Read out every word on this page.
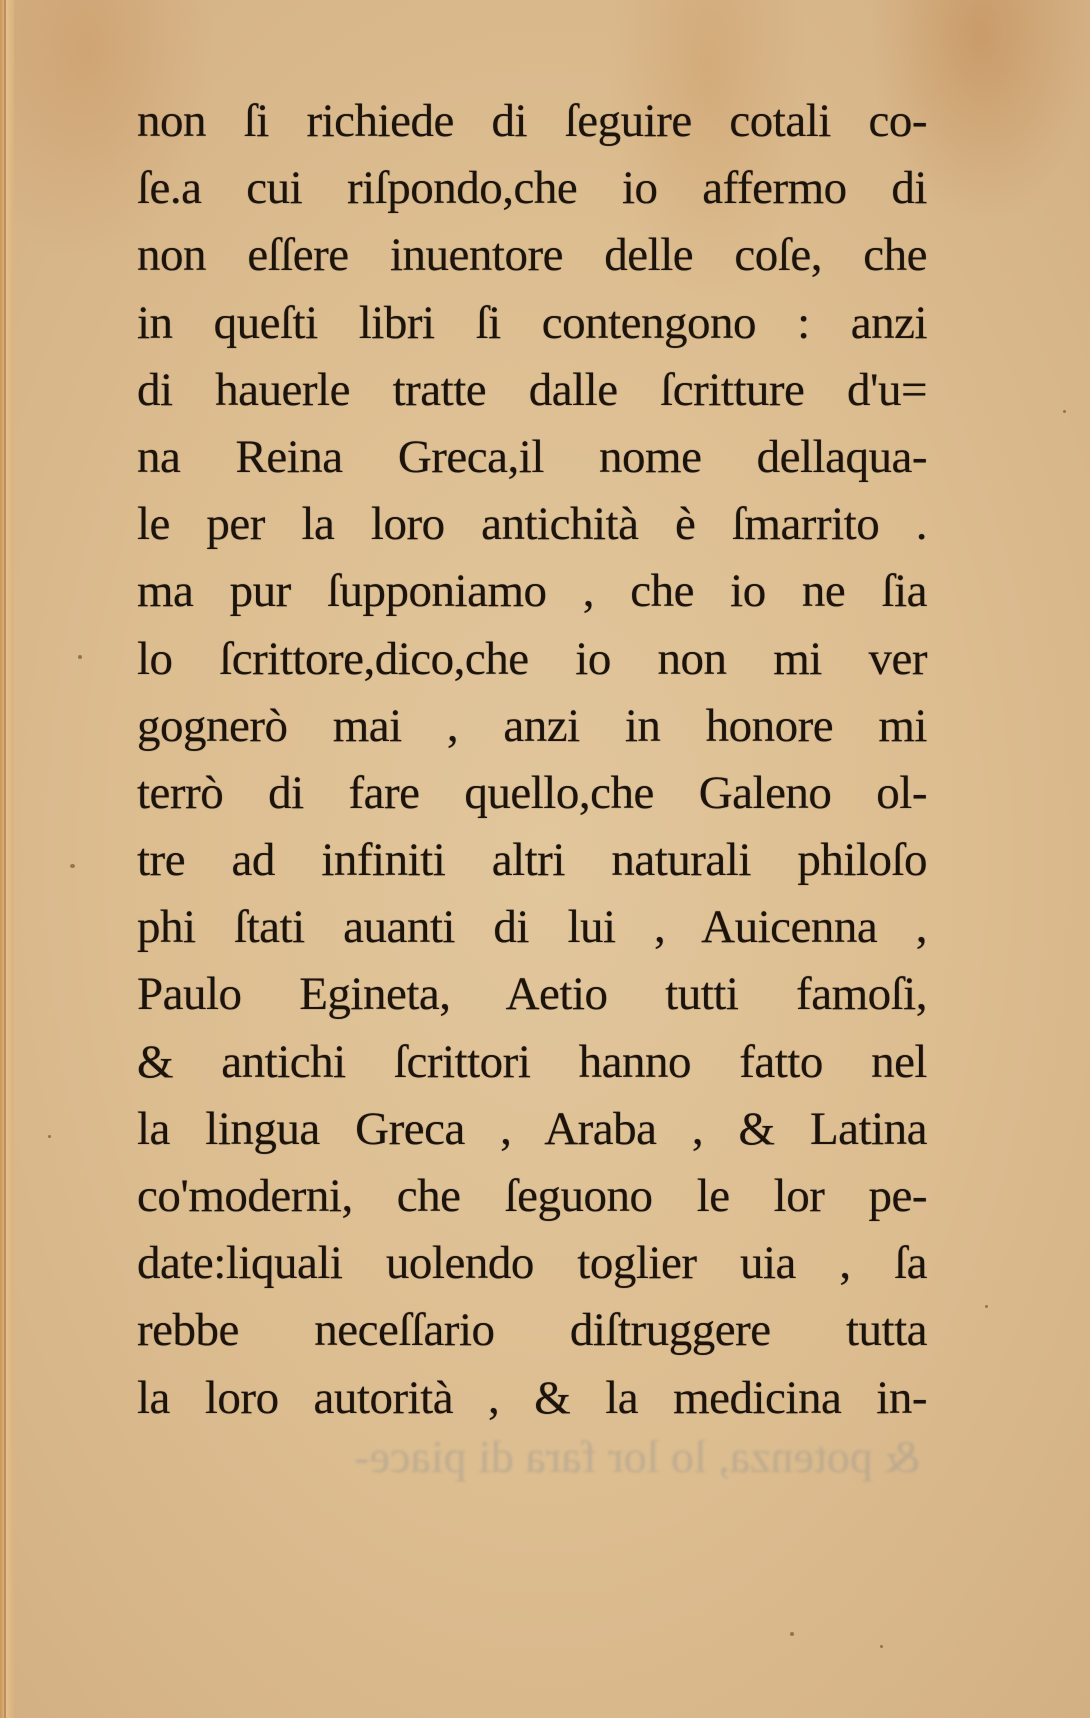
non ſi richiede di ſeguire cotali co-
ſe.a cui riſpondo,che io affermo di
non eſſere inuentore delle coſe, che
in queſti libri ſi contengono : anzi
di hauerle tratte dalle ſcritture d'u=
na Reina Greca,il nome dellaqua-
le per la loro antichità è ſmarrito .
ma pur ſupponiamo , che io ne ſia
lo ſcrittore,dico,che io non mi ver
gognerò mai , anzi in honore mi
terrò di fare quello,che Galeno ol-
tre ad infiniti altri naturali philoſo
phi ſtati auanti di lui , Auicenna ,
Paulo Egineta, Aetio tutti famoſi,
& antichi ſcrittori hanno fatto nel
la lingua Greca , Araba , & Latina
co'moderni, che ſeguono le lor pe-
date:liquali uolendo toglier uia , ſa
rebbe neceſſario diſtruggere tutta
la loro autorità , & la medicina in-
& potenza, lo lor fara di piace-
